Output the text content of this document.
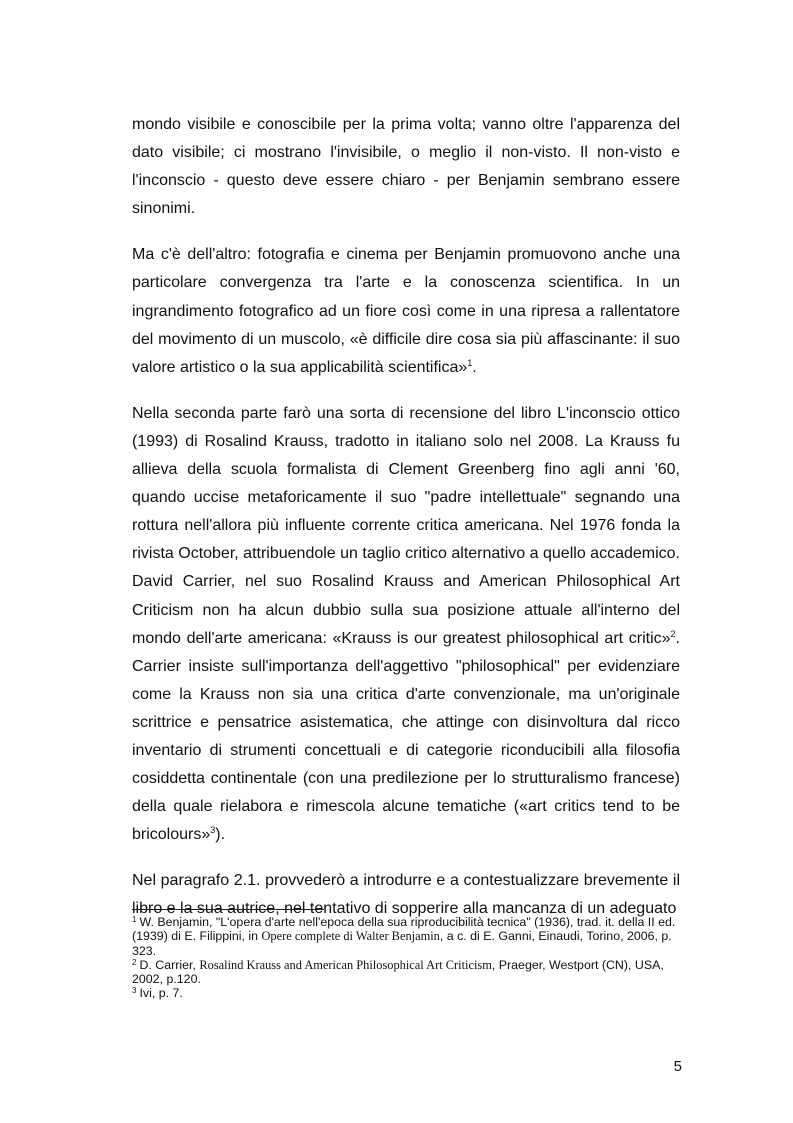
mondo visibile e conoscibile per la prima volta; vanno oltre l'apparenza del dato visibile; ci mostrano l'invisibile, o meglio il non-visto. Il non-visto e l'inconscio - questo deve essere chiaro - per Benjamin sembrano essere sinonimi.

Ma c'è dell'altro: fotografia e cinema per Benjamin promuovono anche una particolare convergenza tra l'arte e la conoscenza scientifica. In un ingrandimento fotografico ad un fiore così come in una ripresa a rallentatore del movimento di un muscolo, «è difficile dire cosa sia più affascinante: il suo valore artistico o la sua applicabilità scientifica»$^1$.

Nella seconda parte farò una sorta di recensione del libro L'inconscio ottico (1993) di Rosalind Krauss, tradotto in italiano solo nel 2008. La Krauss fu allieva della scuola formalista di Clement Greenberg fino agli anni '60, quando uccise metaforicamente il suo "padre intellettuale" segnando una rottura nell'allora più influente corrente critica americana. Nel 1976 fonda la rivista October, attribuendole un taglio critico alternativo a quello accademico. David Carrier, nel suo Rosalind Krauss and American Philosophical Art Criticism non ha alcun dubbio sulla sua posizione attuale all'interno del mondo dell'arte americana: «Krauss is our greatest philosophical art critic»$^2$. Carrier insiste sull'importanza dell'aggettivo "philosophical" per evidenziare come la Krauss non sia una critica d'arte convenzionale, ma un'originale scrittrice e pensatrice asistematica, che attinge con disinvoltura dal ricco inventario di strumenti concettuali e di categorie riconducibili alla filosofia cosiddetta continentale (con una predilezione per lo strutturalismo francese) della quale rielabora e rimescola alcune tematiche («art critics tend to be bricolours»$^3$).

Nel paragrafo 2.1. provvederò a introdurre e a contestualizzare brevemente il libro e la sua autrice, nel tentativo di sopperire alla mancanza di un adeguato

$^1$ W. Benjamin, "L'opera d'arte nell'epoca della sua riproducibilità tecnica" (1936), trad. it. della II ed. (1939) di E. Filippini, in Opere complete di Walter Benjamin, a c. di E. Ganni, Einaudi, Torino, 2006, p. 323.

$^2$ D. Carrier, Rosalind Krauss and American Philosophical Art Criticism, Praeger, Westport (CN), USA, 2002, p.120.

$^3$ Ivi, p. 7.

5
